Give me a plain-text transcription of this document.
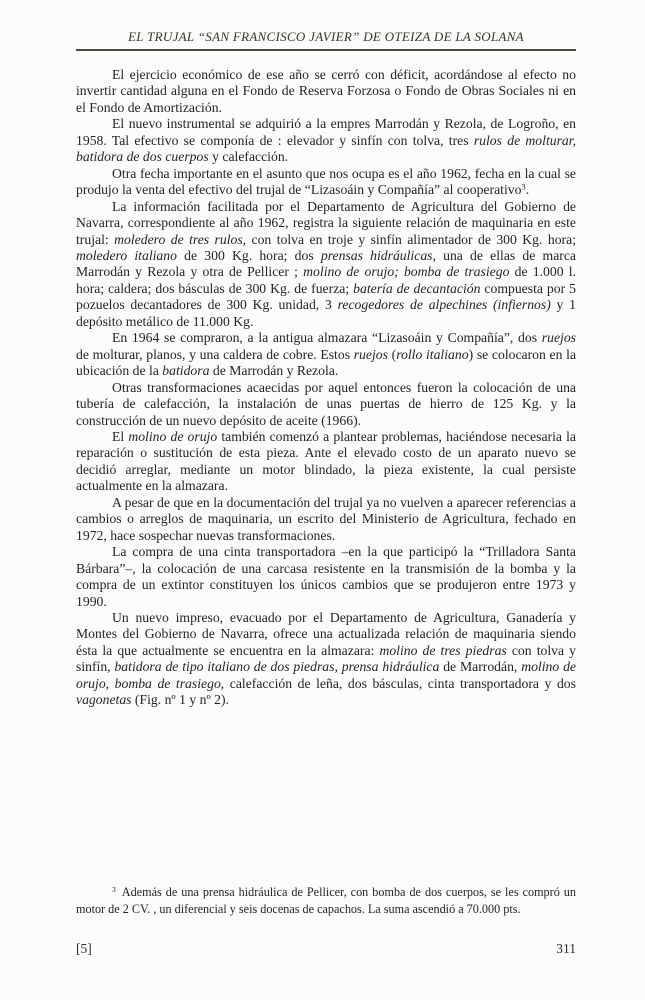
EL TRUJAL “SAN FRANCISCO JAVIER” DE OTEIZA DE LA SOLANA

El ejercicio económico de ese año se cerró con déficit, acordándose al efecto no invertir cantidad alguna en el Fondo de Reserva Forzosa o Fondo de Obras Sociales ni en el Fondo de Amortización.

El nuevo instrumental se adquirió a la empres Marrodán y Rezola, de Logroño, en 1958. Tal efectivo se componía de : elevador y sinfín con tolva, tres rulos de molturar, batidora de dos cuerpos y calefacción.

Otra fecha importante en el asunto que nos ocupa es el año 1962, fecha en la cual se produjo la venta del efectivo del trujal de “Lizasoáin y Compañía” al cooperativo$^3$.

La información facilitada por el Departamento de Agricultura del Gobierno de Navarra, correspondiente al año 1962, registra la siguiente relación de maquinaria en este trujal: moledero de tres rulos, con tolva en troje y sinfín alimentador de 300 Kg. hora; moledero italiano de 300 Kg. hora; dos prensas hidráulicas, una de ellas de marca Marrodán y Rezola y otra de Pellicer ; molino de orujo; bomba de trasiego de 1.000 l. hora; caldera; dos básculas de 300 Kg. de fuerza; batería de decantación compuesta por 5 pozuelos decantadores de 300 Kg. unidad, 3 recogedores de alpechines (infiernos) y 1 depósito metálico de 11.000 Kg.

En 1964 se compraron, a la antigua almazara “Lizasoáin y Compañía”, dos ruejos de molturar, planos, y una caldera de cobre. Estos ruejos (rollo italiano) se colocaron en la ubicación de la batidora de Marrodán y Rezola.

Otras transformaciones acaecidas por aquel entonces fueron la colocación de una tubería de calefacción, la instalación de unas puertas de hierro de 125 Kg. y la construcción de un nuevo depósito de aceite (1966).

El molino de orujo también comenzó a plantear problemas, haciéndose necesaria la reparación o sustitución de esta pieza. Ante el elevado costo de un aparato nuevo se decidió arreglar, mediante un motor blindado, la pieza existente, la cual persiste actualmente en la almazara.

A pesar de que en la documentación del trujal ya no vuelven a aparecer referencias a cambios o arreglos de maquinaria, un escrito del Ministerio de Agricultura, fechado en 1972, hace sospechar nuevas transformaciones.

La compra de una cinta transportadora –en la que participó la “Trilladora Santa Bárbara”–, la colocación de una carcasa resistente en la transmisión de la bomba y la compra de un extintor constituyen los únicos cambios que se produjeron entre 1973 y 1990.

Un nuevo impreso, evacuado por el Departamento de Agricultura, Ganadería y Montes del Gobierno de Navarra, ofrece una actualizada relación de maquinaria siendo ésta la que actualmente se encuentra en la almazara: molino de tres piedras con tolva y sinfín, batidora de tipo italiano de dos piedras, prensa hidráulica de Marrodán, molino de orujo, bomba de trasiego, calefacción de leña, dos básculas, cinta transportadora y dos vagonetas (Fig. nº 1 y nº 2).

$^3$ Además de una prensa hidráulica de Pellicer, con bomba de dos cuerpos, se les compró un motor de 2 CV. , un diferencial y seis docenas de capachos. La suma ascendió a 70.000 pts.

[5]	311
